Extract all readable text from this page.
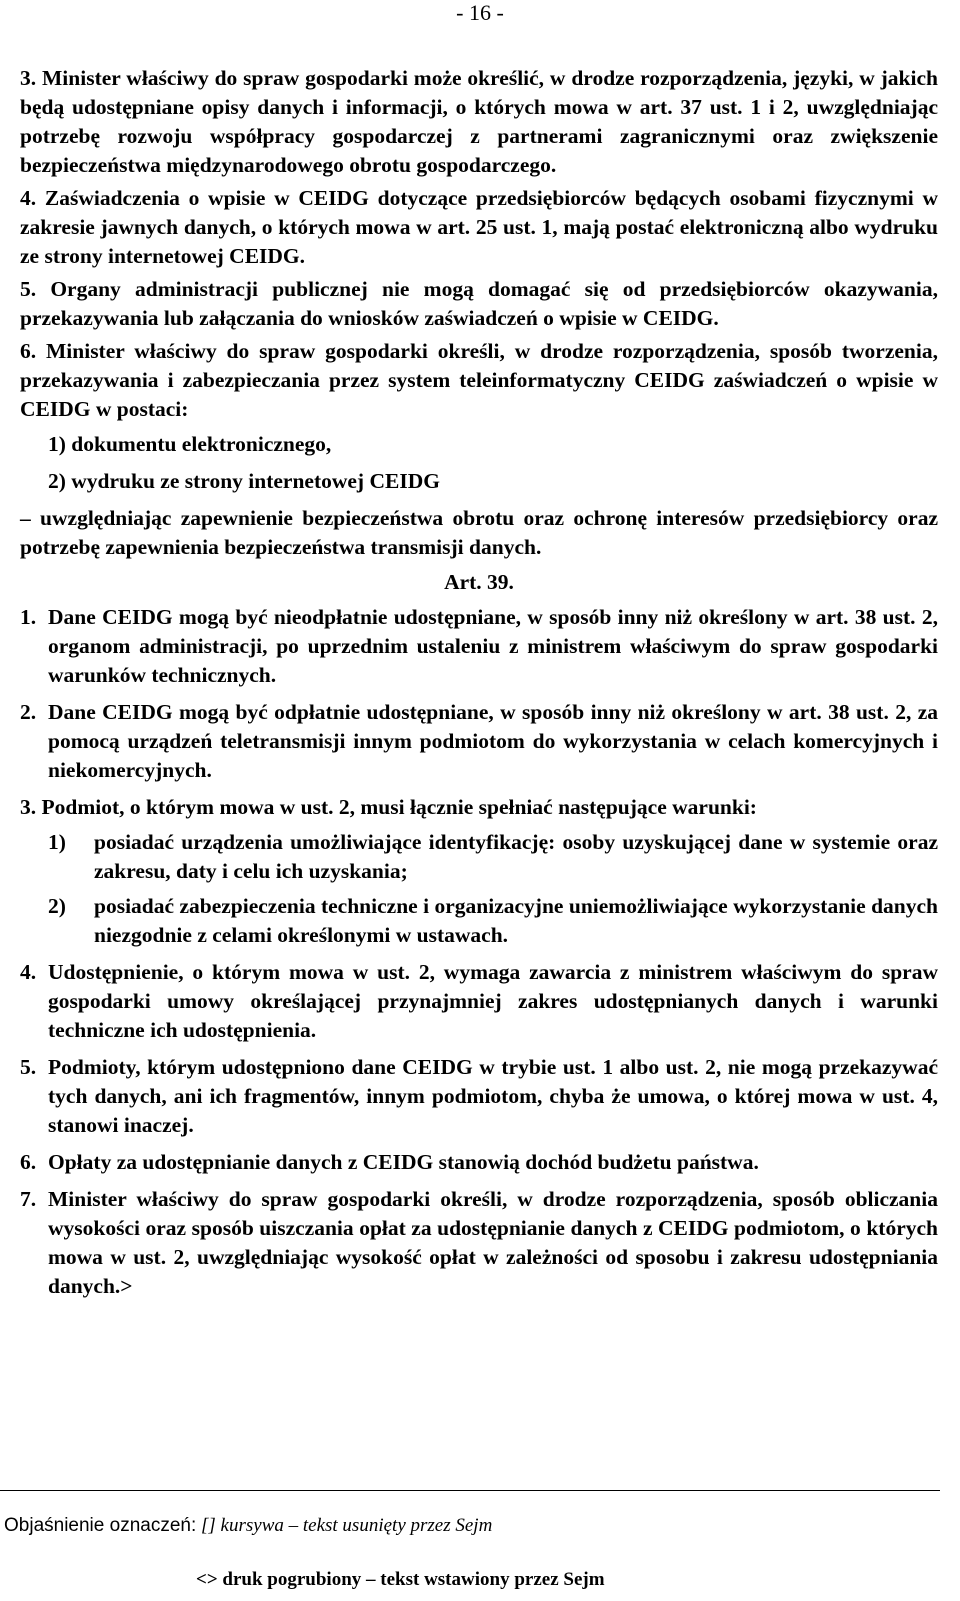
- 16 -

3. Minister właściwy do spraw gospodarki może określić, w drodze rozporządzenia, języki, w jakich będą udostępniane opisy danych i informacji, o których mowa w art. 37 ust. 1 i 2, uwzględniając potrzebę rozwoju współpracy gospodarczej z partnerami zagranicznymi oraz zwiększenie bezpieczeństwa międzynarodowego obrotu gospodarczego.

4. Zaświadczenia o wpisie w CEIDG dotyczące przedsiębiorców będących osobami fizycznymi w zakresie jawnych danych, o których mowa w art. 25 ust. 1, mają postać elektroniczną albo wydruku ze strony internetowej CEIDG.

5. Organy administracji publicznej nie mogą domagać się od przedsiębiorców okazywania, przekazywania lub załączania do wniosków zaświadczeń o wpisie w CEIDG.

6. Minister właściwy do spraw gospodarki określi, w drodze rozporządzenia, sposób tworzenia, przekazywania i zabezpieczania przez system teleinformatyczny CEIDG zaświadczeń o wpisie w CEIDG w postaci:

1) dokumentu elektronicznego,
2) wydruku ze strony internetowej CEIDG

– uwzględniając zapewnienie bezpieczeństwa obrotu oraz ochronę interesów przedsiębiorcy oraz potrzebę zapewnienia bezpieczeństwa transmisji danych.

Art. 39.
1. Dane CEIDG mogą być nieodpłatnie udostępniane, w sposób inny niż określony w art. 38 ust. 2, organom administracji, po uprzednim ustaleniu z ministrem właściwym do spraw gospodarki warunków technicznych.
2. Dane CEIDG mogą być odpłatnie udostępniane, w sposób inny niż określony w art. 38 ust. 2, za pomocą urządzeń teletransmisji innym podmiotom do wykorzystania w celach komercyjnych i niekomercyjnych.

3. Podmiot, o którym mowa w ust. 2, musi łącznie spełniać następujące warunki:

1)	posiadać urządzenia umożliwiające identyfikację: osoby uzyskującej dane w systemie oraz zakresu, daty i celu ich uzyskania;
2)	posiadać zabezpieczenia techniczne i organizacyjne uniemożliwiające wykorzystanie danych niezgodnie z celami określonymi w ustawach.
4. Udostępnienie, o którym mowa w ust. 2, wymaga zawarcia z ministrem właściwym do spraw gospodarki umowy określającej przynajmniej zakres udostępnianych danych i warunki techniczne ich udostępnienia.
5. Podmioty, którym udostępniono dane CEIDG w trybie ust. 1 albo ust. 2, nie mogą przekazywać tych danych, ani ich fragmentów, innym podmiotom, chyba że umowa, o której mowa w ust. 4, stanowi inaczej.
6. Opłaty za udostępnianie danych z CEIDG stanowią dochód budżetu państwa.
7. Minister właściwy do spraw gospodarki określi, w drodze rozporządzenia, sposób obliczania wysokości oraz sposób uiszczania opłat za udostępnianie danych z CEIDG podmiotom, o których mowa w ust. 2, uwzględniając wysokość opłat w zależności od sposobu i zakresu udostępniania danych.>
Objaśnienie oznaczeń: [] kursywa – tekst usunięty przez Sejm
<> druk pogrubiony – tekst wstawiony przez Sejm
